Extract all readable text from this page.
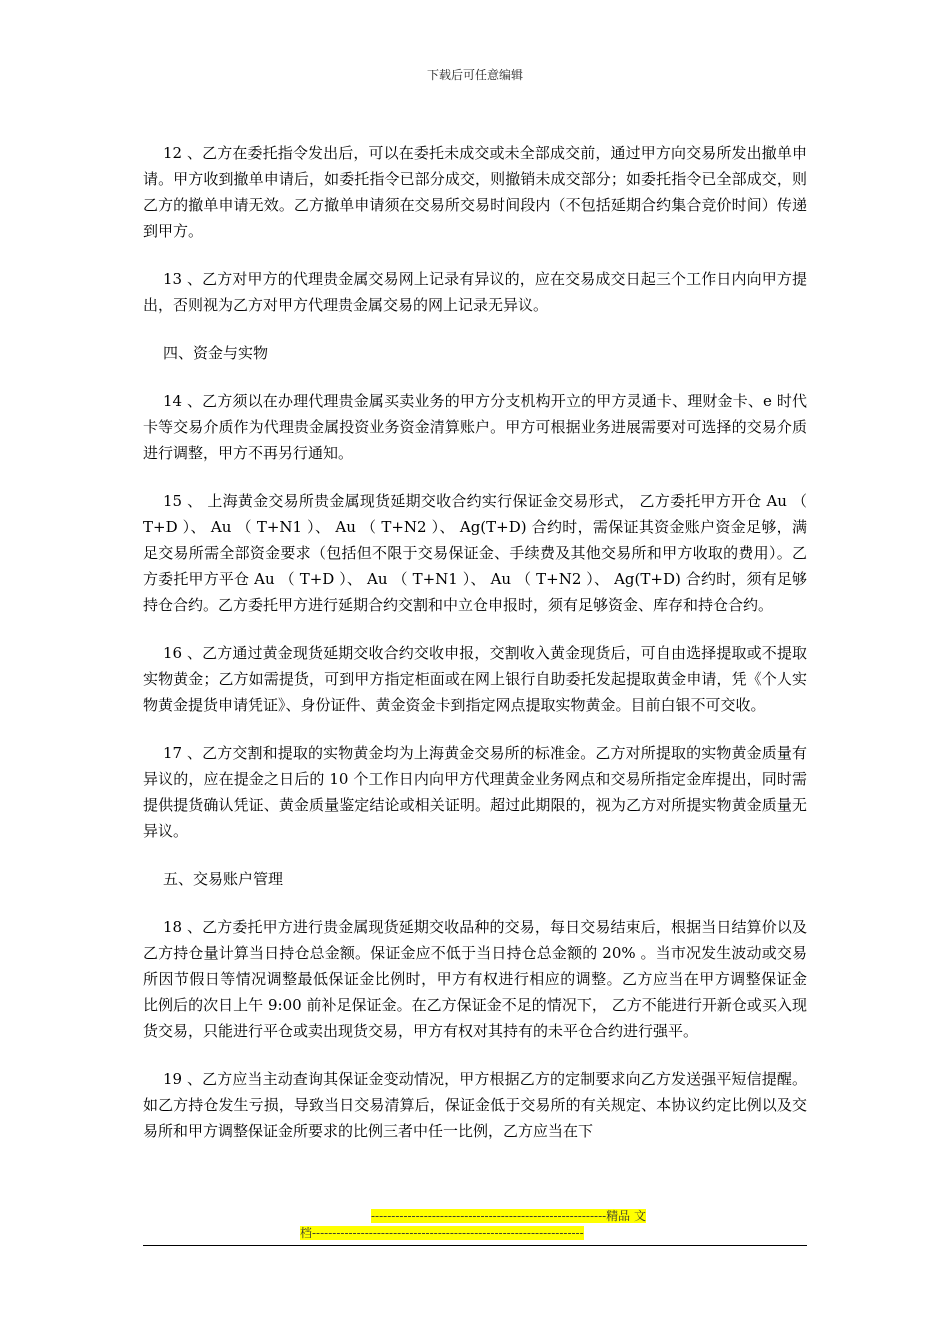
下载后可任意编辑

12 、乙方在委托指令发出后，可以在委托未成交或未全部成交前，通过甲方向交易所发出撤单申请。甲方收到撤单申请后，如委托指令已部分成交，则撤销未成交部分；如委托指令已全部成交，则乙方的撤单申请无效。乙方撤单申请须在交易所交易时间段内（不包括延期合约集合竞价时间）传递到甲方。

13 、乙方对甲方的代理贵金属交易网上记录有异议的，应在交易成交日起三个工作日内向甲方提出，否则视为乙方对甲方代理贵金属交易的网上记录无异议。

四、资金与实物

14 、乙方须以在办理代理贵金属买卖业务的甲方分支机构开立的甲方灵通卡、理财金卡、e 时代卡等交易介质作为代理贵金属投资业务资金清算账户。甲方可根据业务进展需要对可选择的交易介质进行调整，甲方不再另行通知。

15 、 上海黄金交易所贵金属现货延期交收合约实行保证金交易形式， 乙方委托甲方开仓 Au （ T+D ）、 Au （ T+N1 ）、 Au （ T+N2 ）、 Ag(T+D) 合约时，需保证其资金账户资金足够，满足交易所需全部资金要求（包括但不限于交易保证金、手续费及其他交易所和甲方收取的费用）。乙方委托甲方平仓 Au （ T+D ）、 Au （ T+N1 ）、 Au （ T+N2 ）、 Ag(T+D) 合约时，须有足够持仓合约。乙方委托甲方进行延期合约交割和中立仓申报时，须有足够资金、库存和持仓合约。

16 、乙方通过黄金现货延期交收合约交收申报，交割收入黄金现货后，可自由选择提取或不提取实物黄金；乙方如需提货，可到甲方指定柜面或在网上银行自助委托发起提取黄金申请，凭《个人实物黄金提货申请凭证》、身份证件、黄金资金卡到指定网点提取实物黄金。目前白银不可交收。

17 、乙方交割和提取的实物黄金均为上海黄金交易所的标准金。乙方对所提取的实物黄金质量有异议的，应在提金之日后的 10 个工作日内向甲方代理黄金业务网点和交易所指定金库提出，同时需提供提货确认凭证、黄金质量鉴定结论或相关证明。超过此期限的，视为乙方对所提实物黄金质量无异议。

五、交易账户管理

18 、乙方委托甲方进行贵金属现货延期交收品种的交易，每日交易结束后，根据当日结算价以及乙方持仓量计算当日持仓总金额。保证金应不低于当日持仓总金额的 20% 。当市况发生波动或交易所因节假日等情况调整最低保证金比例时，甲方有权进行相应的调整。乙方应当在甲方调整保证金 比例后的次日上午 9:00 前补足保证金。在乙方保证金不足的情况下， 乙方不能进行开新仓或买入现货交易，只能进行平仓或卖出现货交易，甲方有权对其持有的未平仓合约进行强平。

19 、乙方应当主动查询其保证金变动情况，甲方根据乙方的定制要求向乙方发送强平短信提醒。如乙方持仓发生亏损，导致当日交易清算后，保证金低于交易所的有关规定、本协议约定比例以及交易所和甲方调整保证金所要求的比例三者中任一比例，乙方应当在下

----------------------------------------------------------精品 文
档-------------------------------------------------------------------
